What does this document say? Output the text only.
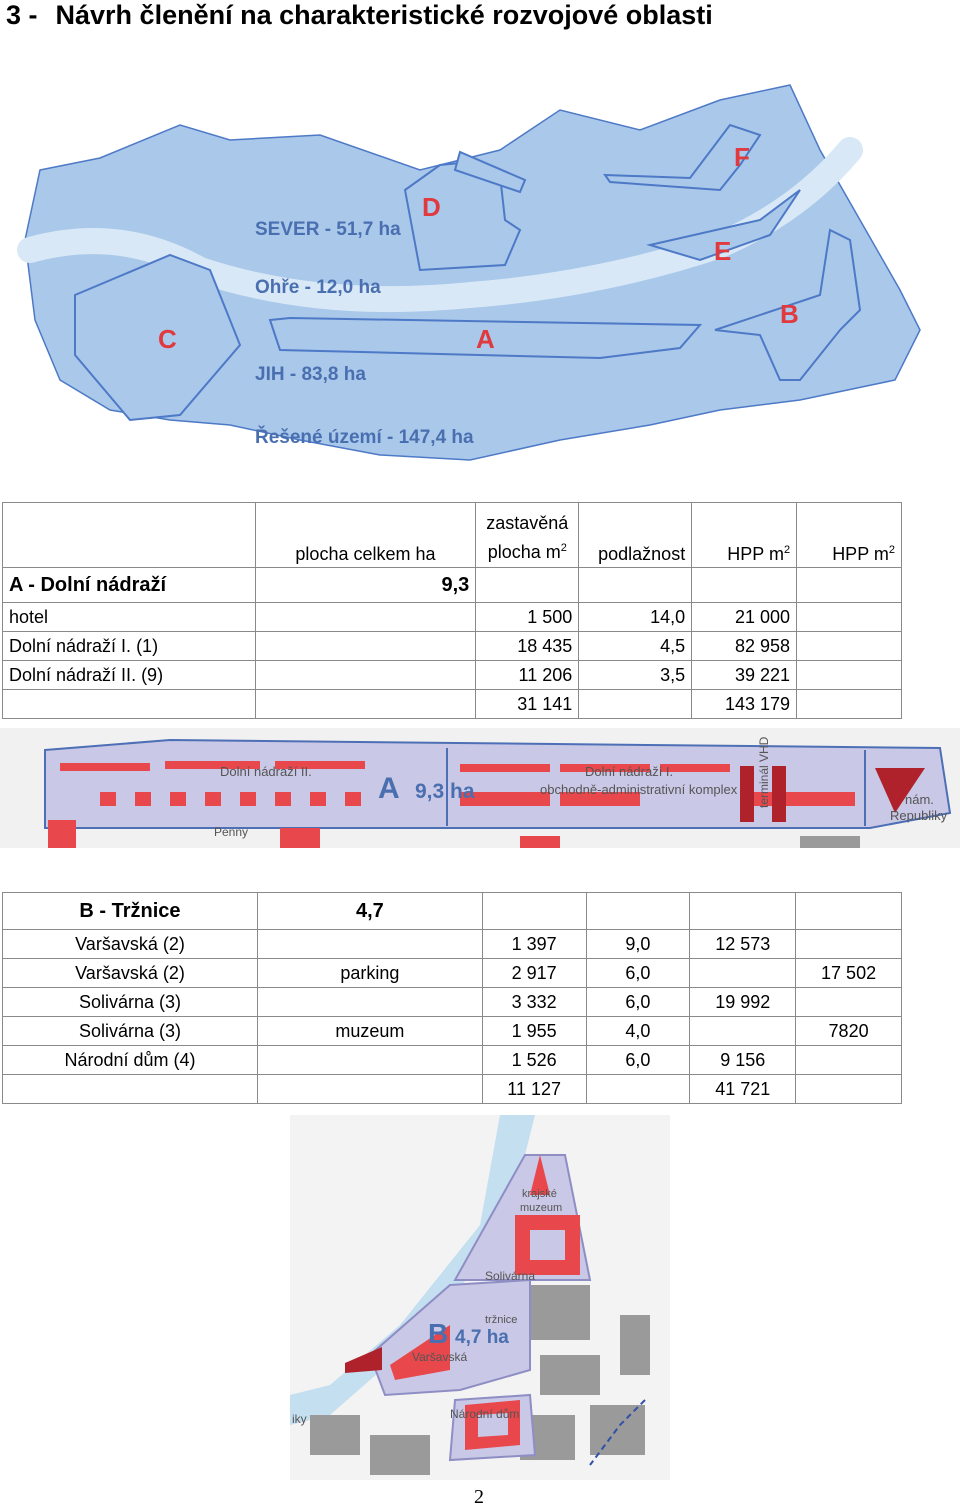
3 - Návrh členění na charakteristické rozvojové oblasti
SEVER - 51,7 ha
Ohře - 12,0 ha
JIH - 83,8 ha
Řešené území - 147,4 ha
C	A
D
E
F
B
	plocha celkem ha	zastavěná
plocha $m^2$	podlažnost	HPP $m^2$	HPP $m^2$
A - Dolní nádraží	9,3				
hotel		1 500	14,0	21 000	
Dolní nádraží I. (1)		18 435	4,5	82 958	
Dolní nádraží II. (9)		11 206	3,5	39 221	
		31 141		143 179	
Dolní nádraží II.
A 9,3 ha
Dolní nádraží I.
obchodně-administrativní komplex terminál VHD	nám.
Republiky
Penny
B - Tržnice	4,7				
Varšavská (2)		1 397	9,0	12 573	
Varšavská (2)	parking	2 917	6,0		17 502
Solivárna (3)		3 332	6,0	19 992	
Solivárna (3)	muzeum	1 955	4,0		7820
Národní dům (4)		1 526	6,0	9 156	
		11 127		41 721	
krajské
muzeum
Solivárna
tržnice
B 4,7 ha
Varšavská
Národní dům
iky
2
